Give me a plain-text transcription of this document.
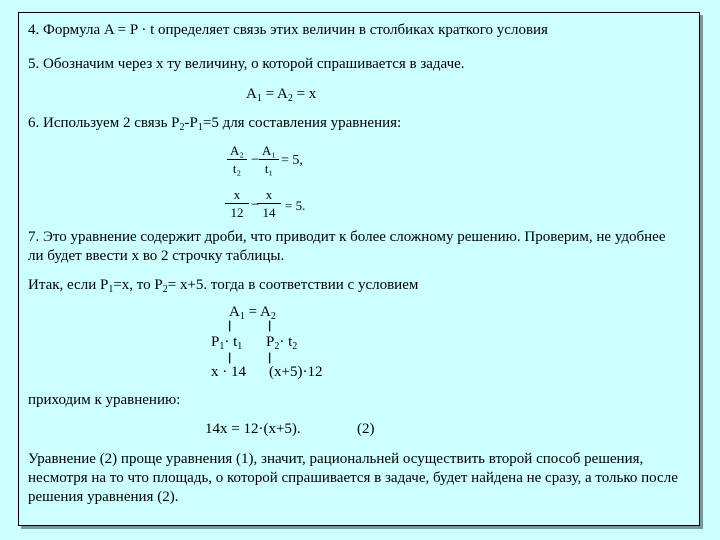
4. Формула A = P · t определяет связь этих величин в столбиках краткого условия
5. Обозначим через х ту величину, о которой спрашивается в задаче.
$A_1 = A_2 = x$
6. Используем 2 связь $P_2-P_1=5$ для составления уравнения:
A₂
t₂
−
A₁
t₁
= 5,
x
12 −
x
14 = 5.
7. Это уравнение содержит дроби, что приводит к более сложному решению. Проверим, не удобнее ли будет ввести х во 2 строчку таблицы.
Итак, если $P_1=x$, то $P_2= x+5$. тогда в соответствии с условием
$A_1 = A_2$
||	||
$P_1\cdot t_1$ $P_2\cdot t_2$
||	||
x · 14 (x+5)·12
приходим к уравнению:
14x = 12·(x+5).	(2)
Уравнение (2) проще уравнения (1), значит, рациональней осуществить второй способ решения, несмотря на то что площадь, о которой спрашивается в задаче, будет найдена не сразу, а только после решения уравнения (2).
